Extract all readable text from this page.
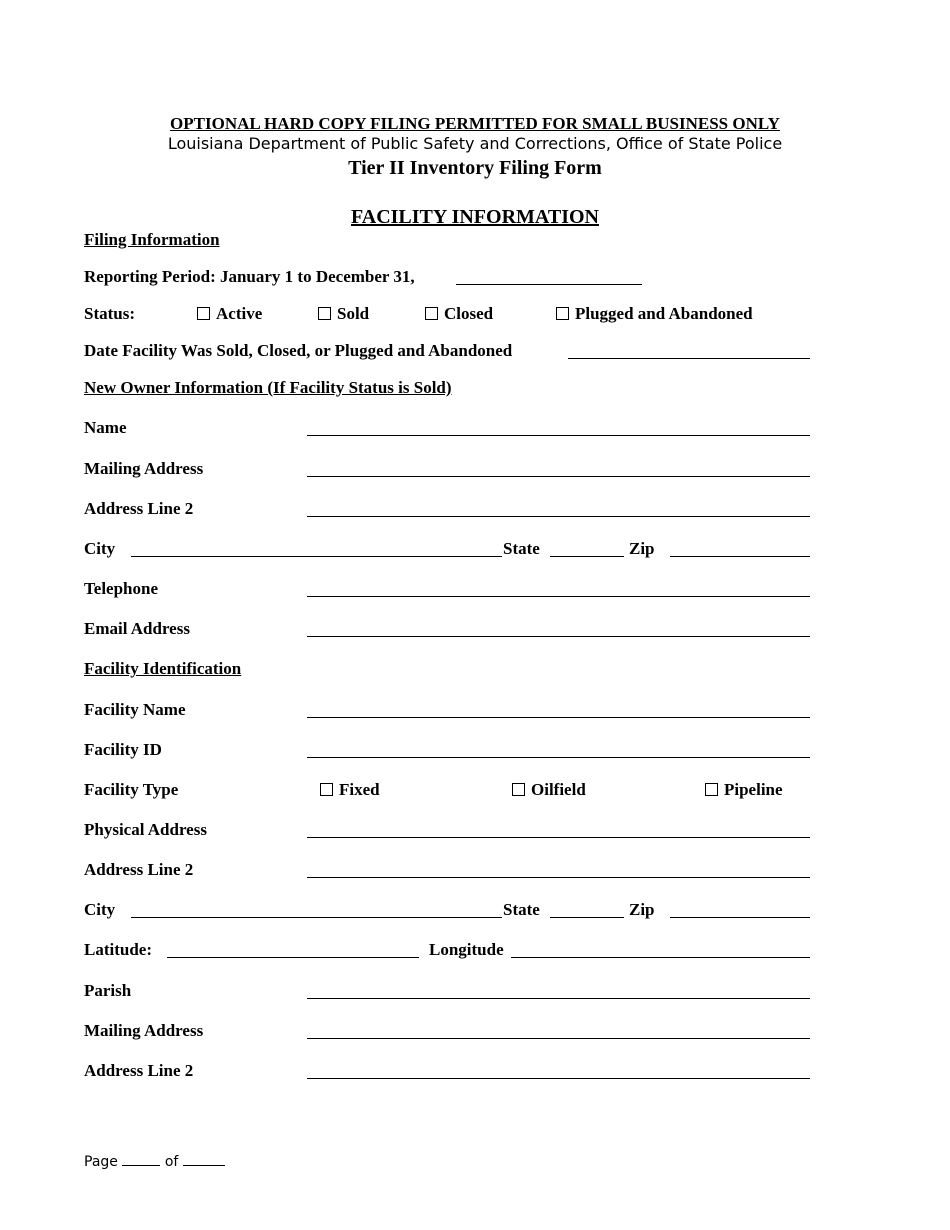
OPTIONAL HARD COPY FILING PERMITTED FOR SMALL BUSINESS ONLY
Louisiana Department of Public Safety and Corrections, Office of State Police
Tier II Inventory Filing Form
FACILITY INFORMATION
Filing Information
Reporting Period: January 1 to December 31,
Status:	Active	Sold	Closed	Plugged and Abandoned
Date Facility Was Sold, Closed, or Plugged and Abandoned
New Owner Information (If Facility Status is Sold)
Name
Mailing Address
Address Line 2
City	State	Zip
Telephone
Email Address
Facility Identification
Facility Name
Facility ID
Facility Type	Fixed	Oilfield	Pipeline
Physical Address
Address Line 2
City	State	Zip
Latitude:	Longitude
Parish
Mailing Address
Address Line 2
Page	of
